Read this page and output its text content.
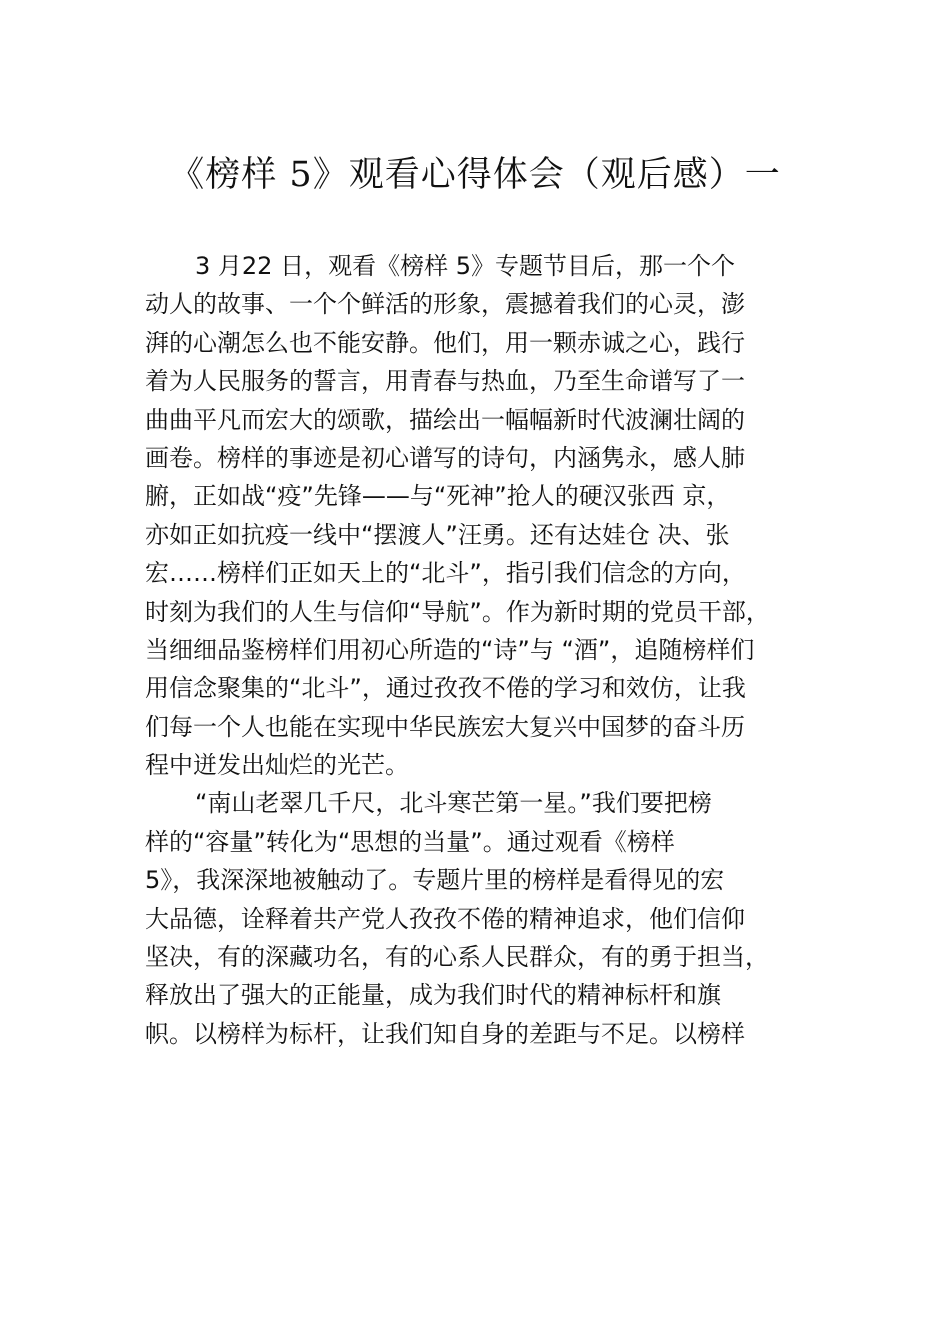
《榜样 5》观看心得体会（观后感）一
3 月22 日，观看《榜样 5》专题节目后，那一个个
动人的故事、一个个鲜活的形象，震撼着我们的心灵，澎
湃的心潮怎么也不能安静。他们，用一颗赤诚之心，践行
着为人民服务的誓言，用青春与热血，乃至生命谱写了一
曲曲平凡而宏大的颂歌，描绘出一幅幅新时代波澜壮阔的
画卷。榜样的事迹是初心谱写的诗句，内涵隽永，感人肺
腑，正如战“疫”先锋——与“死神”抢人的硬汉张西 京，
亦如正如抗疫一线中“摆渡人”汪勇。还有达娃仓 决、张
宏……榜样们正如天上的“北斗”，指引我们信念的方向，
时刻为我们的人生与信仰“导航”。作为新时期的党员干部，
当细细品鉴榜样们用初心所造的“诗”与 “酒”，追随榜样们
用信念聚集的“北斗”，通过孜孜不倦的学习和效仿，让我
们每一个人也能在实现中华民族宏大复兴中国梦的奋斗历
程中迸发出灿烂的光芒。
“南山老翠几千尺，北斗寒芒第一星。”我们要把榜
样的“容量”转化为“思想的当量”。通过观看《榜样
5》，我深深地被触动了。专题片里的榜样是看得见的宏
大品德，诠释着共产党人孜孜不倦的精神追求，他们信仰
坚决，有的深藏功名，有的心系人民群众，有的勇于担当，
释放出了强大的正能量，成为我们时代的精神标杆和旗
帜。以榜样为标杆，让我们知自身的差距与不足。以榜样
